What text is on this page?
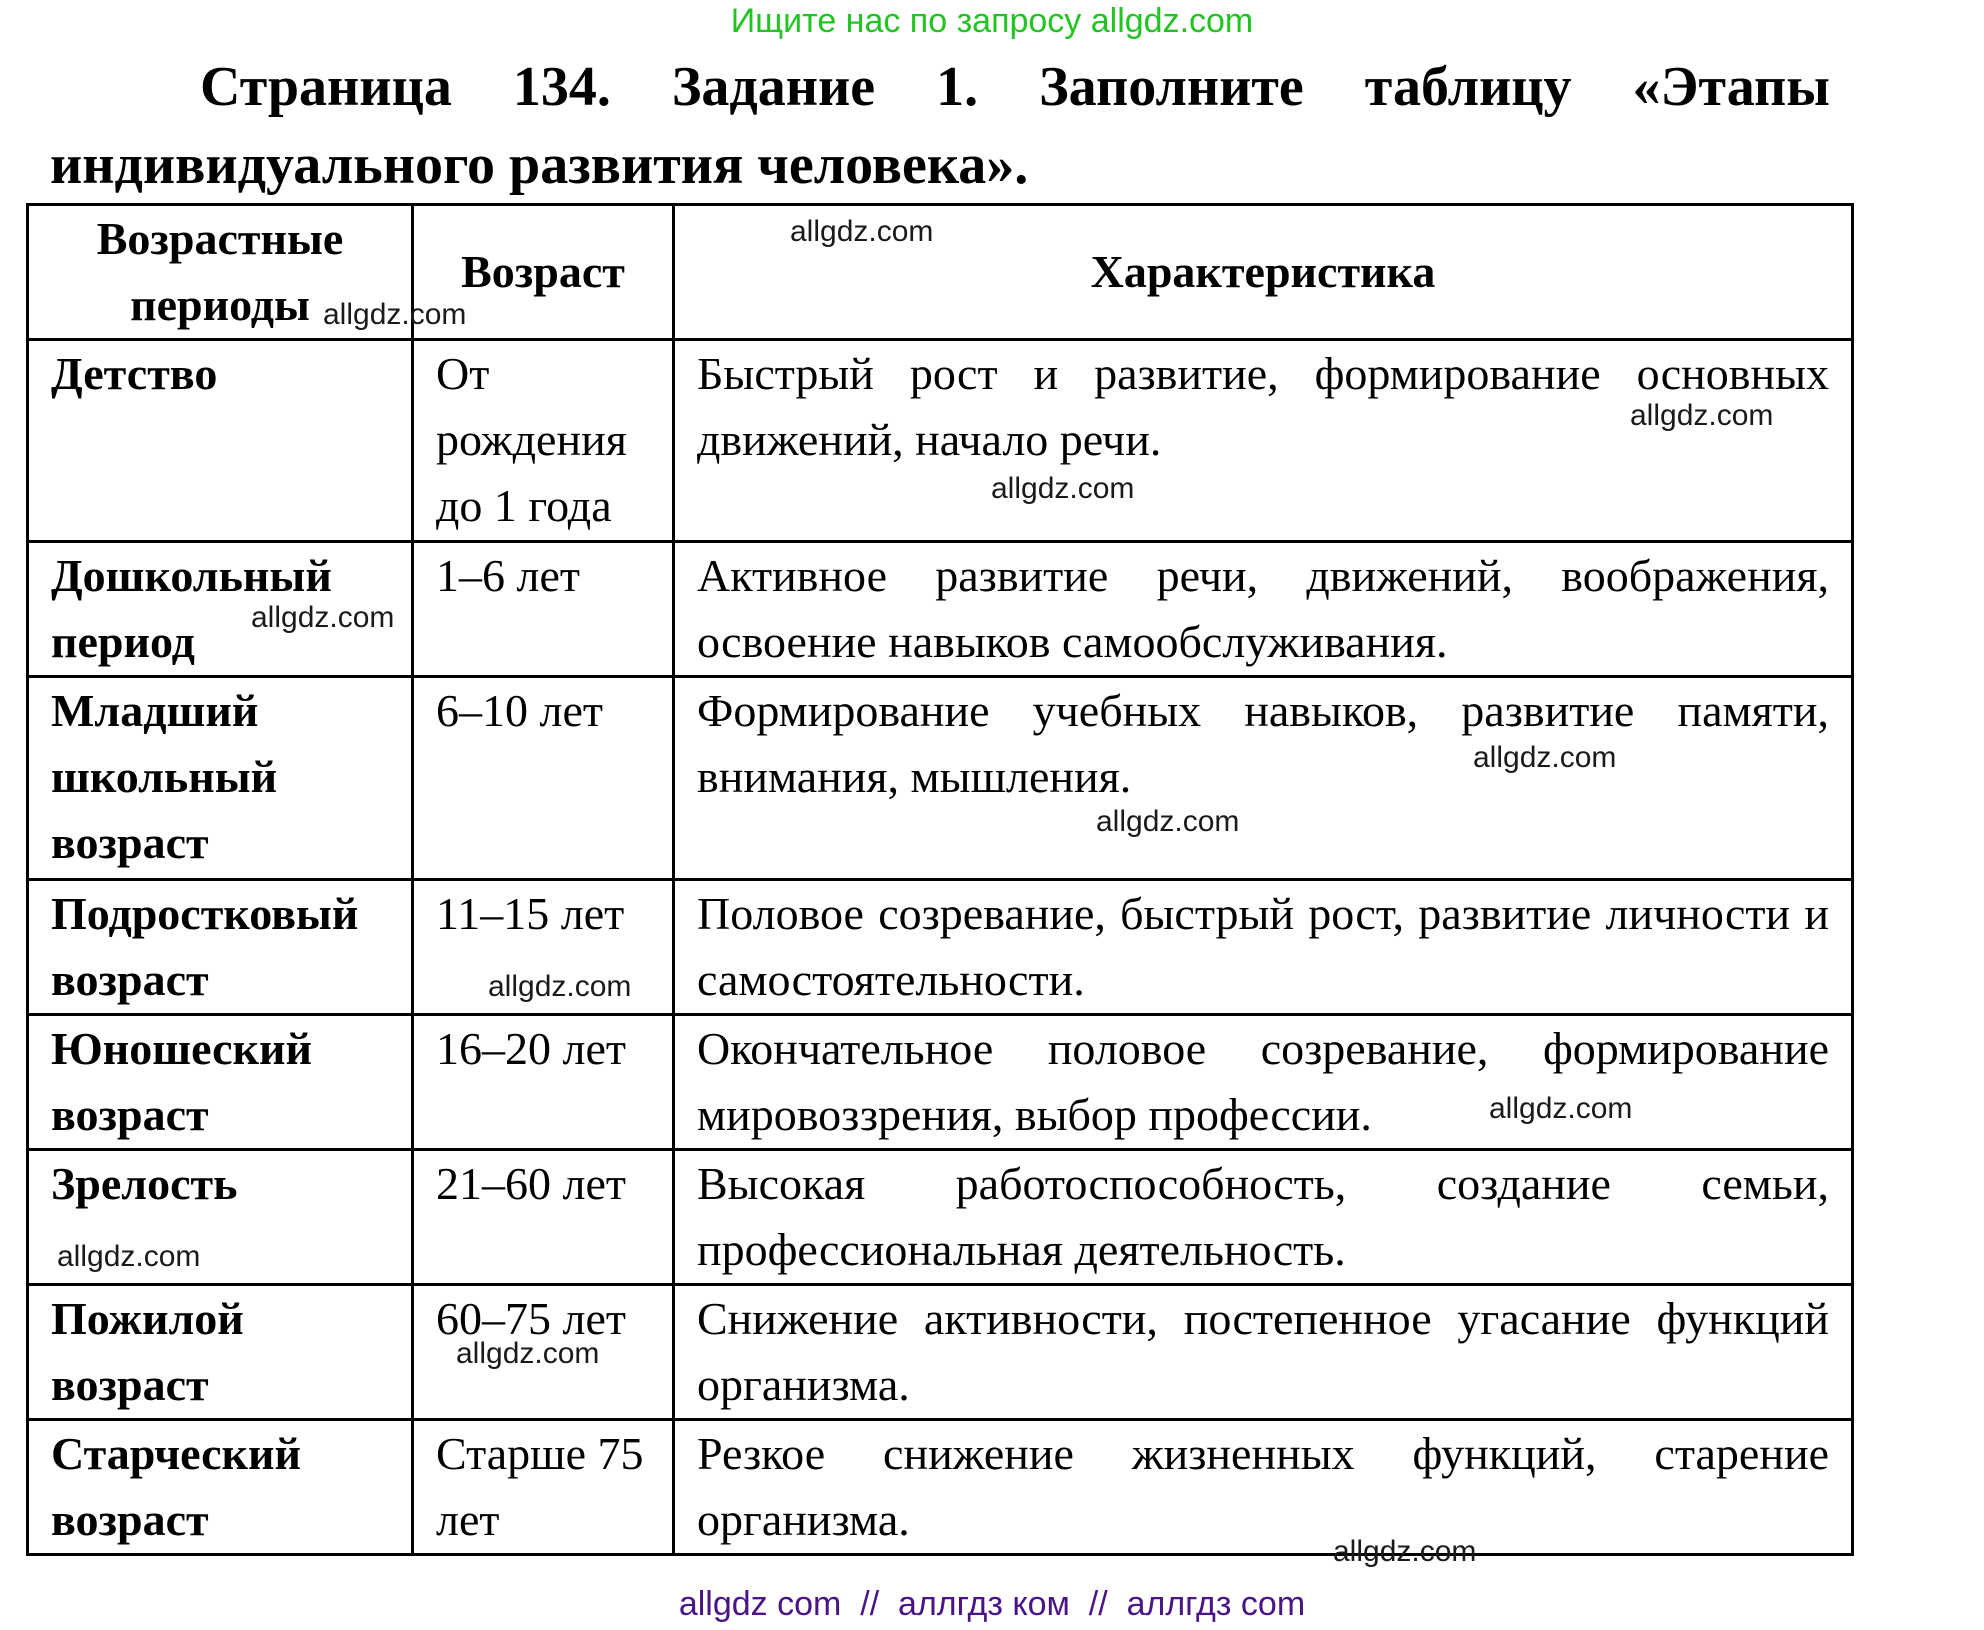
Ищите нас по запросу allgdz.com
Страница 134. Задание 1. Заполните таблицу «Этапы
индивидуального развития человека».
Возрастные периоды	Возраст	Характеристика
Детство	От рождения до 1 года	Быстрый рост и развитие, формирование основных движений, начало речи.
Дошкольный период	1–6 лет	Активное развитие речи, движений, воображения, освоение навыков самообслуживания.
Младший школьный возраст	6–10 лет	Формирование учебных навыков, развитие памяти, внимания, мышления.
Подростковый возраст	11–15 лет	Половое созревание, быстрый рост, развитие личности и самостоятельности.
Юношеский возраст	16–20 лет	Окончательное половое созревание, формирование мировоззрения, выбор профессии.
Зрелость	21–60 лет	Высокая работоспособность, создание семьи, профессиональная деятельность.
Пожилой возраст	60–75 лет	Снижение активности, постепенное угасание функций организма.
Старческий возраст	Старше 75 лет	Резкое снижение жизненных функций, старение организма.
allgdz.com
allgdz.com
allgdz.com
allgdz.com
allgdz.com
allgdz.com
allgdz.com
allgdz.com
allgdz.com
allgdz.com
allgdz.com
allgdz.com
allgdz com  //  аллгдз ком  //  аллгдз com
